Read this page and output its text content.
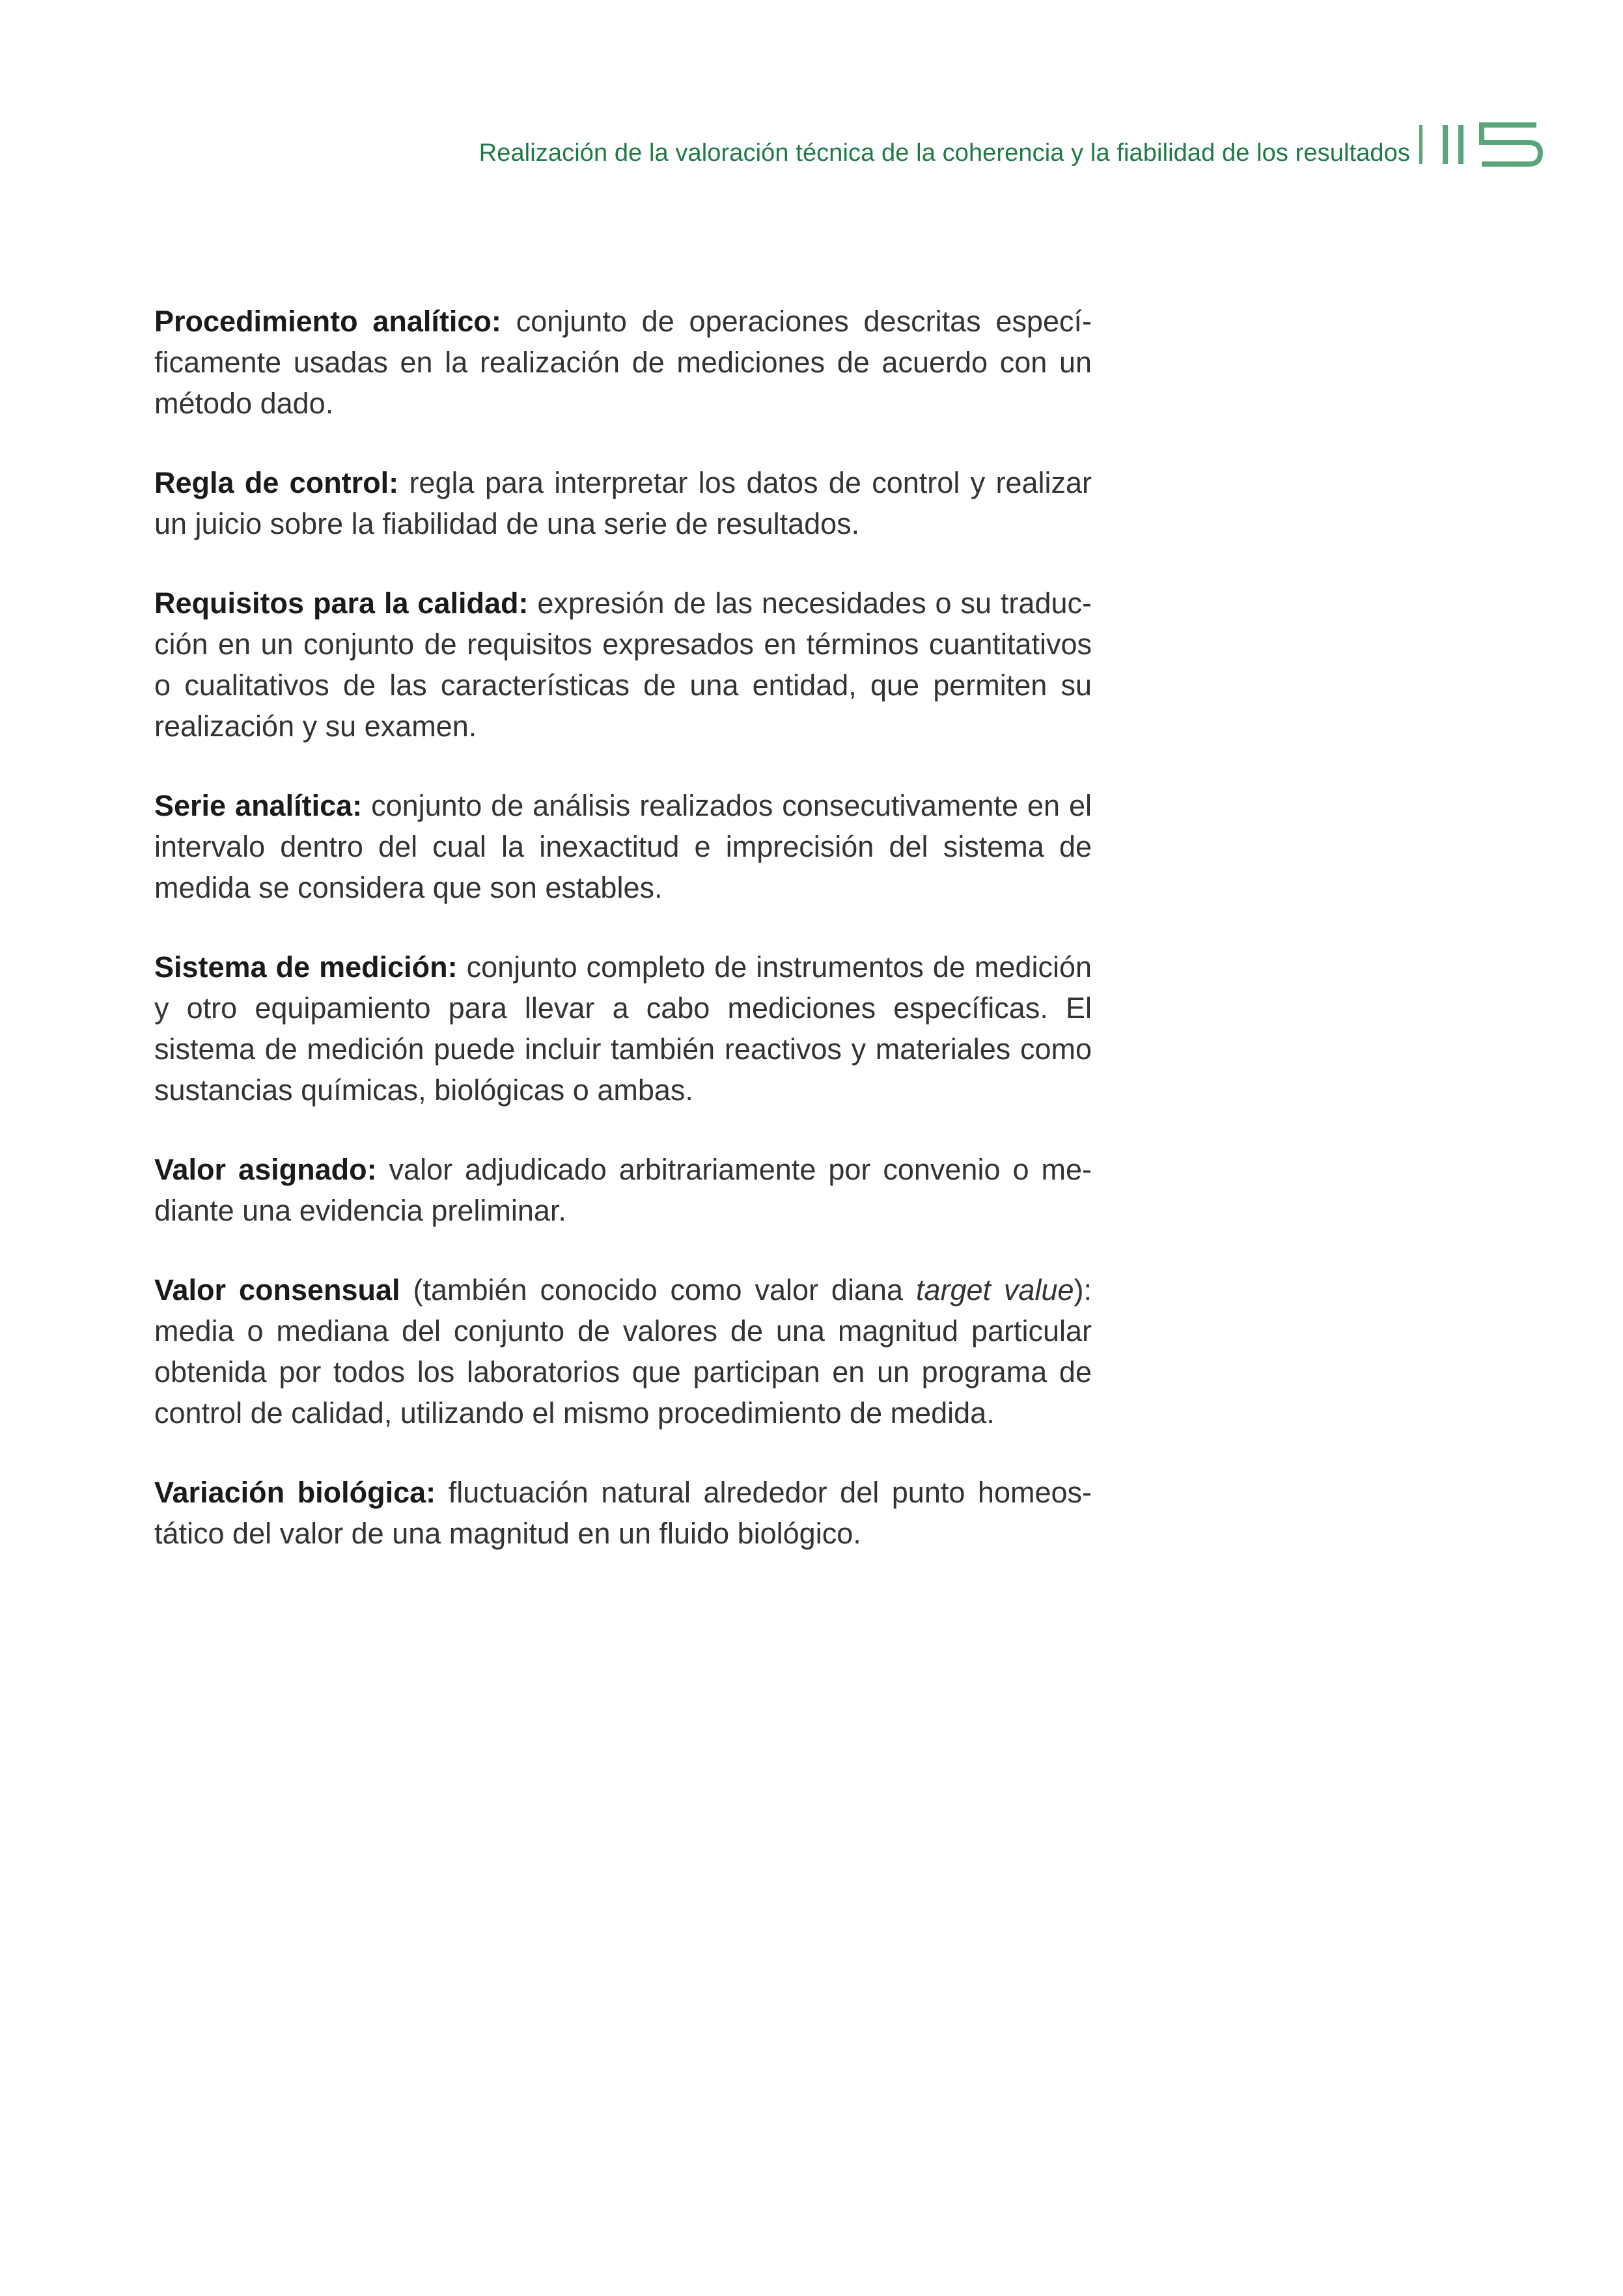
Realización de la valoración técnica de la coherencia y la fiabilidad de los resultados

Procedimiento analítico: conjunto de operaciones descritas específicamente usadas en la realización de mediciones de acuerdo con un método dado.

Regla de control: regla para interpretar los datos de control y realizar un juicio sobre la fiabilidad de una serie de resultados.

Requisitos para la calidad: expresión de las necesidades o su traducción en un conjunto de requisitos expresados en términos cuantitativos o cualitativos de las características de una entidad, que permiten su realización y su examen.

Serie analítica: conjunto de análisis realizados consecutivamente en el intervalo dentro del cual la inexactitud e imprecisión del sistema de medida se considera que son estables.

Sistema de medición: conjunto completo de instrumentos de medición y otro equipamiento para llevar a cabo mediciones específicas. El sistema de medición puede incluir también reactivos y materiales como sustancias químicas, biológicas o ambas.

Valor asignado: valor adjudicado arbitrariamente por convenio o mediante una evidencia preliminar.

Valor consensual (también conocido como valor diana target value): media o mediana del conjunto de valores de una magnitud particular obtenida por todos los laboratorios que participan en un programa de control de calidad, utilizando el mismo procedimiento de medida.

Variación biológica: fluctuación natural alrededor del punto homeostático del valor de una magnitud en un fluido biológico.
